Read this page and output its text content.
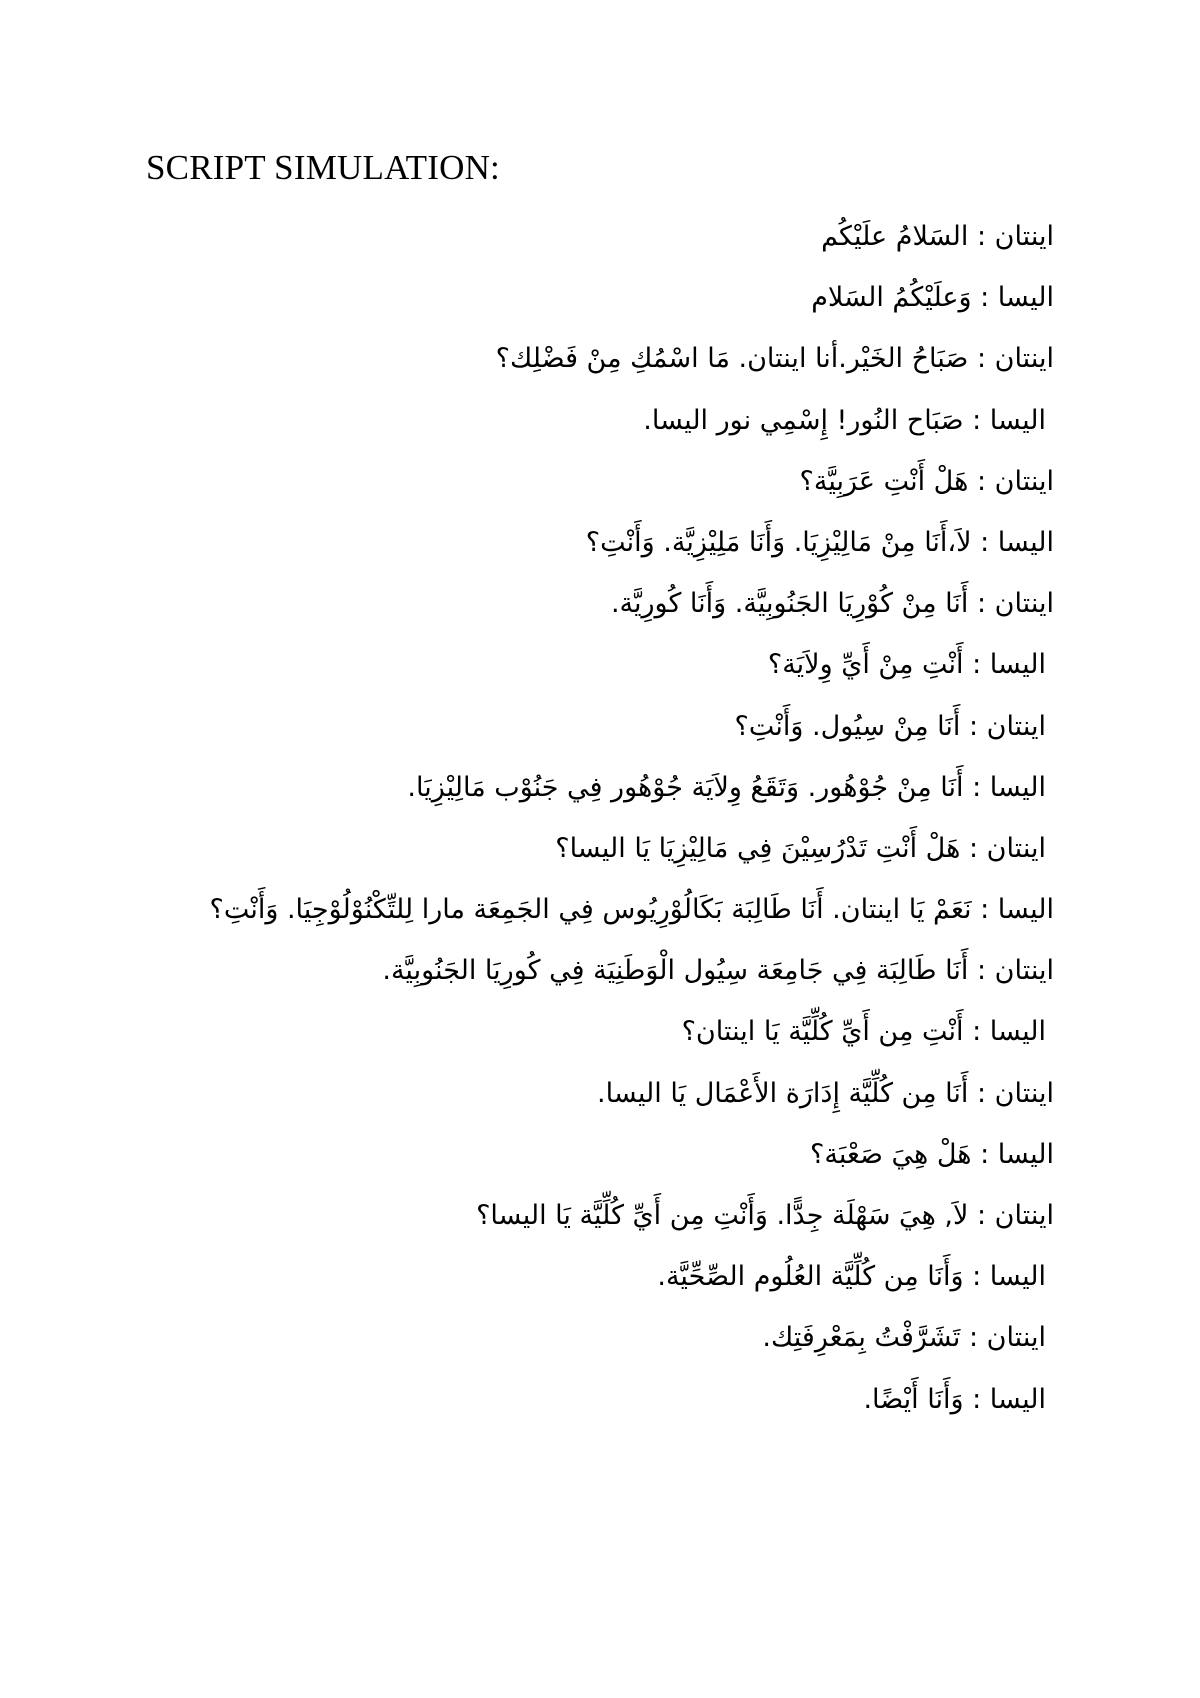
SCRIPT SIMULATION:
اينتان : السَلامُ علَيْكُم
اليسا : وَعلَيْكُمُ السَلام
اينتان : صَبَاحُ الخَيْر.أنا اينتان. مَا اسْمُكِ مِنْ فَضْلِك؟
اليسا : صَبَاح النُور! إِسْمِي نور اليسا.
اينتان : هَلْ أَنْتِ عَرَبِيَّة؟
اليسا : لاَ،أَنَا مِنْ مَالِيْزِيَا. وَأَنَا مَلِيْزِيَّة. وَأَنْتِ؟
اينتان : أَنَا مِنْ كُوْرِيَا الجَنُوبِيَّة. وَأَنَا كُورِيَّة.
اليسا : أَنْتِ مِنْ أَيِّ وِلاَيَة؟
اينتان : أَنَا مِنْ سِيُول. وَأَنْتِ؟
اليسا : أَنَا مِنْ جُوْهُور. وَتَقَعُ وِلاَيَة جُوْهُور فِي جَنُوْب مَالِيْزِيَا.
اينتان : هَلْ أَنْتِ تَدْرُسِيْنَ فِي مَالِيْزِيَا يَا اليسا؟
اليسا : نَعَمْ يَا اينتان. أَنَا طَالِبَة بَكَالُوْرِيُوس فِي الجَمِعَة مارا لِلتِّكْنُوْلُوْجِيَا. وَأَنْتِ؟
اينتان : أَنَا طَالِبَة فِي جَامِعَة سِيُول الْوَطَنِيَة فِي كُورِيَا الجَنُوبِيَّة.
اليسا : أَنْتِ مِن أَيِّ كُلِّيَّة يَا اينتان؟
اينتان : أَنَا مِن كُلِّيَّة إِدَارَة الأَعْمَال يَا اليسا.
اليسا : هَلْ هِيَ صَعْبَة؟
اينتان : لاَ, هِيَ سَهْلَة جِدًّا. وَأَنْتِ مِن أَيِّ كُلِّيَّة يَا اليسا؟
اليسا : وَأَنَا مِن كُلِّيَّة العُلُوم الصِّحِّيَّة.
اينتان : تَشَرَّفْتُ بِمَعْرِفَتِك.
اليسا : وَأَنَا أَيْضًا.
